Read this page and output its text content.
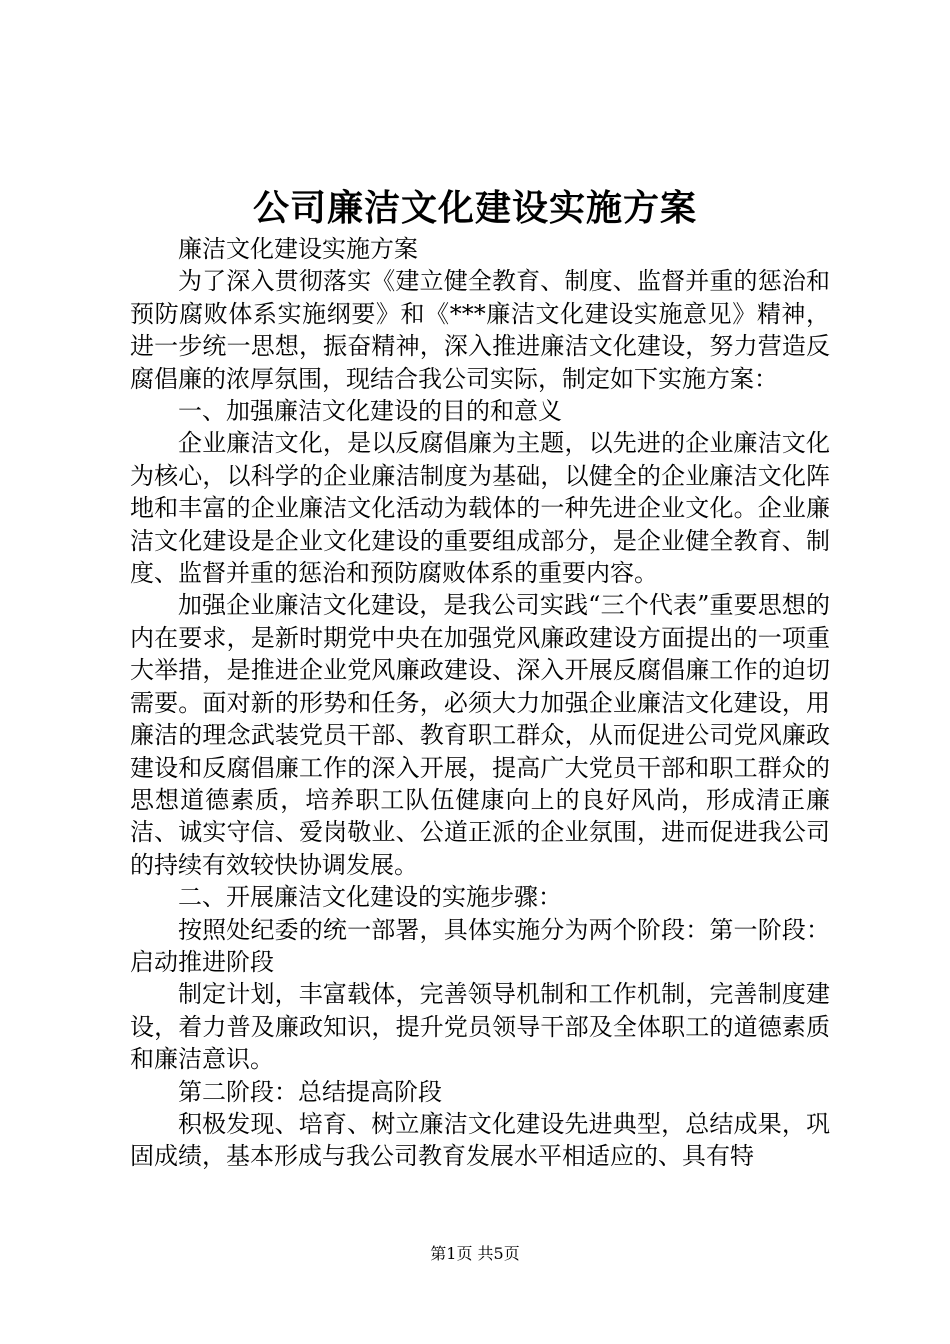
公司廉洁文化建设实施方案

廉洁文化建设实施方案

为了深入贯彻落实《建立健全教育、制度、监督并重的惩治和预防腐败体系实施纲要》和《***廉洁文化建设实施意见》精神，进一步统一思想，振奋精神，深入推进廉洁文化建设，努力营造反腐倡廉的浓厚氛围，现结合我公司实际，制定如下实施方案：

一、加强廉洁文化建设的目的和意义

企业廉洁文化，是以反腐倡廉为主题，以先进的企业廉洁文化为核心，以科学的企业廉洁制度为基础，以健全的企业廉洁文化阵地和丰富的企业廉洁文化活动为载体的一种先进企业文化。企业廉洁文化建设是企业文化建设的重要组成部分，是企业健全教育、制度、监督并重的惩治和预防腐败体系的重要内容。

加强企业廉洁文化建设，是我公司实践“三个代表”重要思想的内在要求，是新时期党中央在加强党风廉政建设方面提出的一项重大举措，是推进企业党风廉政建设、深入开展反腐倡廉工作的迫切需要。面对新的形势和任务，必须大力加强企业廉洁文化建设，用廉洁的理念武装党员干部、教育职工群众，从而促进公司党风廉政建设和反腐倡廉工作的深入开展，提高广大党员干部和职工群众的思想道德素质，培养职工队伍健康向上的良好风尚，形成清正廉洁、诚实守信、爱岗敬业、公道正派的企业氛围，进而促进我公司的持续有效较快协调发展。

二、开展廉洁文化建设的实施步骤：

按照处纪委的统一部署，具体实施分为两个阶段：第一阶段：启动推进阶段

制定计划，丰富载体，完善领导机制和工作机制，完善制度建设，着力普及廉政知识，提升党员领导干部及全体职工的道德素质和廉洁意识。

第二阶段：总结提高阶段

积极发现、培育、树立廉洁文化建设先进典型，总结成果，巩固成绩，基本形成与我公司教育发展水平相适应的、具有特

第1页 共5页
